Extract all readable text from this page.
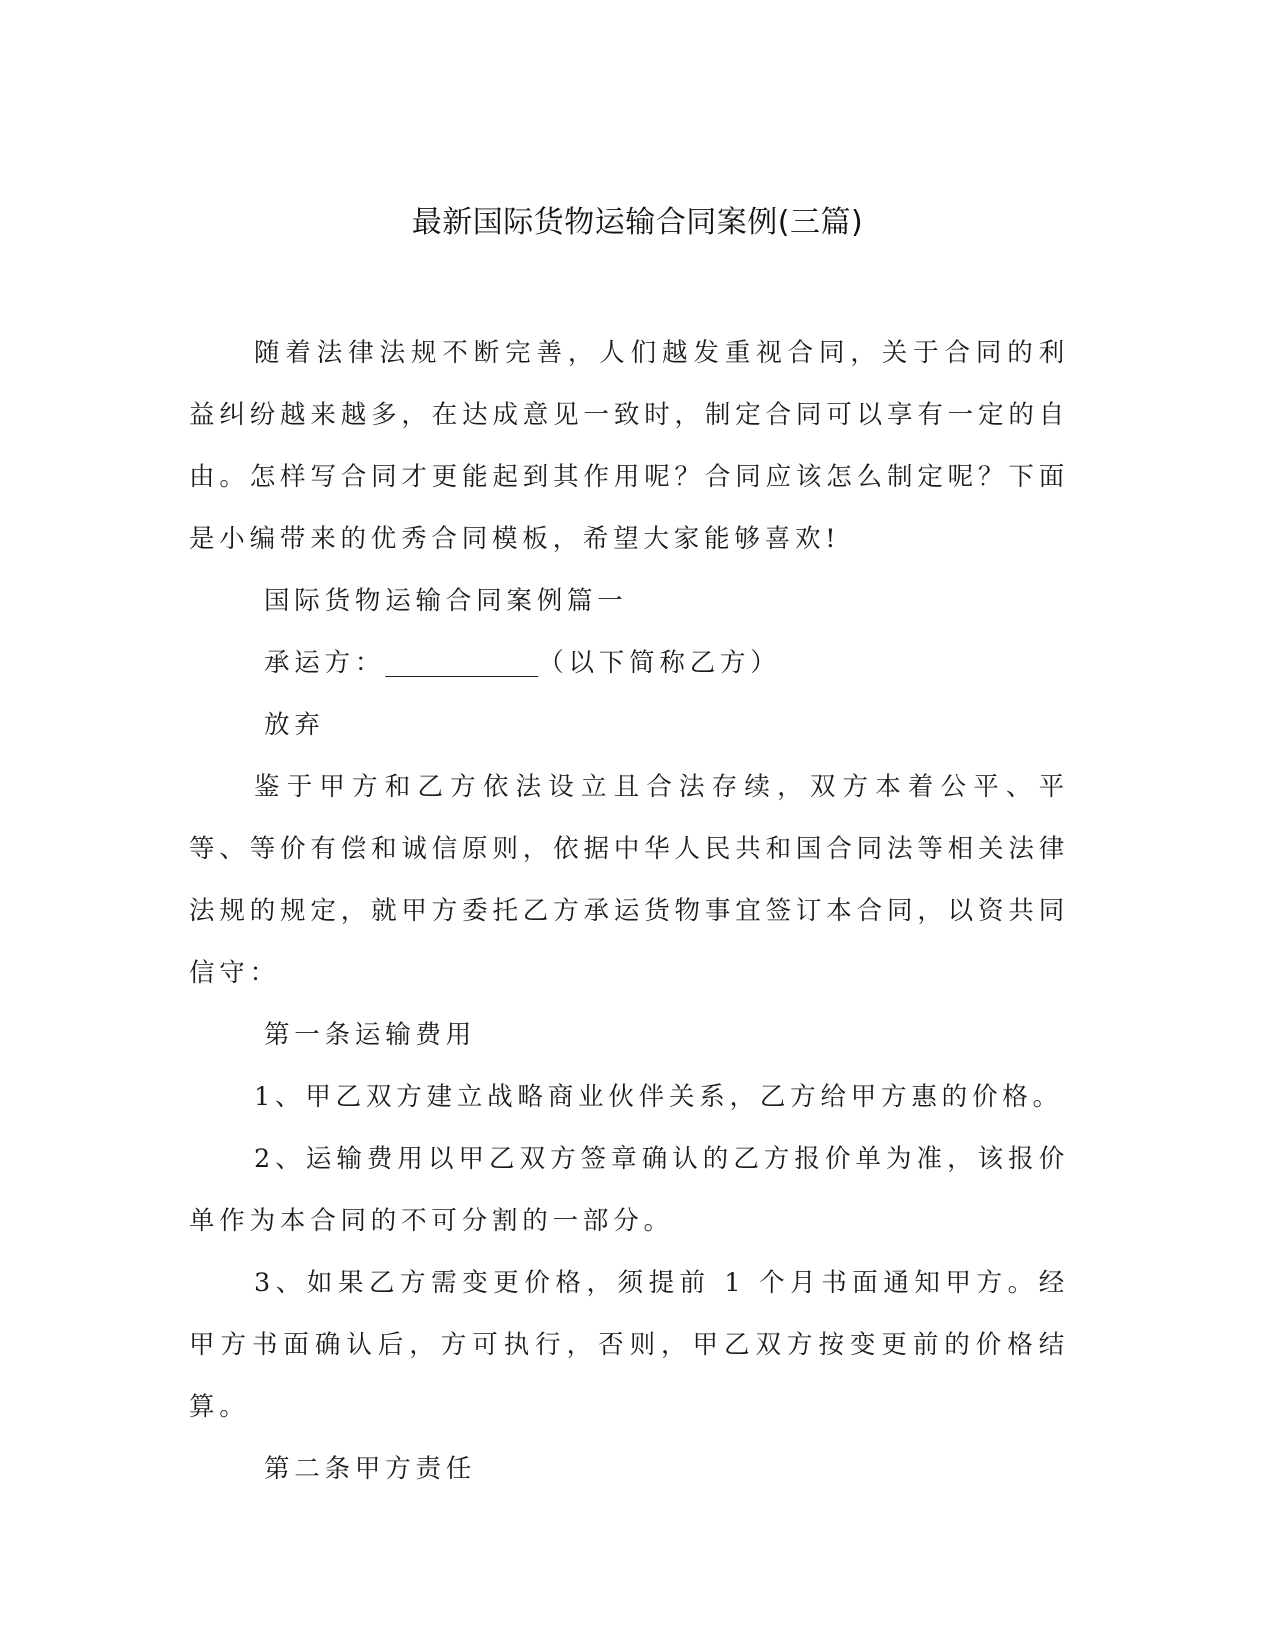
最新国际货物运输合同案例(三篇)

随着法律法规不断完善，人们越发重视合同，关于合同的利益纠纷越来越多，在达成意见一致时，制定合同可以享有一定的自由。怎样写合同才更能起到其作用呢？合同应该怎么制定呢？下面是小编带来的优秀合同模板，希望大家能够喜欢!

国际货物运输合同案例篇一

承运方：____________（以下简称乙方）

放弃

鉴于甲方和乙方依法设立且合法存续，双方本着公平、平等、等价有偿和诚信原则，依据中华人民共和国合同法等相关法律法规的规定，就甲方委托乙方承运货物事宜签订本合同，以资共同信守：

第一条运输费用

1、甲乙双方建立战略商业伙伴关系，乙方给甲方惠的价格。

2、运输费用以甲乙双方签章确认的乙方报价单为准，该报价单作为本合同的不可分割的一部分。

3、如果乙方需变更价格，须提前 1 个月书面通知甲方。经甲方书面确认后，方可执行，否则，甲乙双方按变更前的价格结算。

第二条甲方责任
